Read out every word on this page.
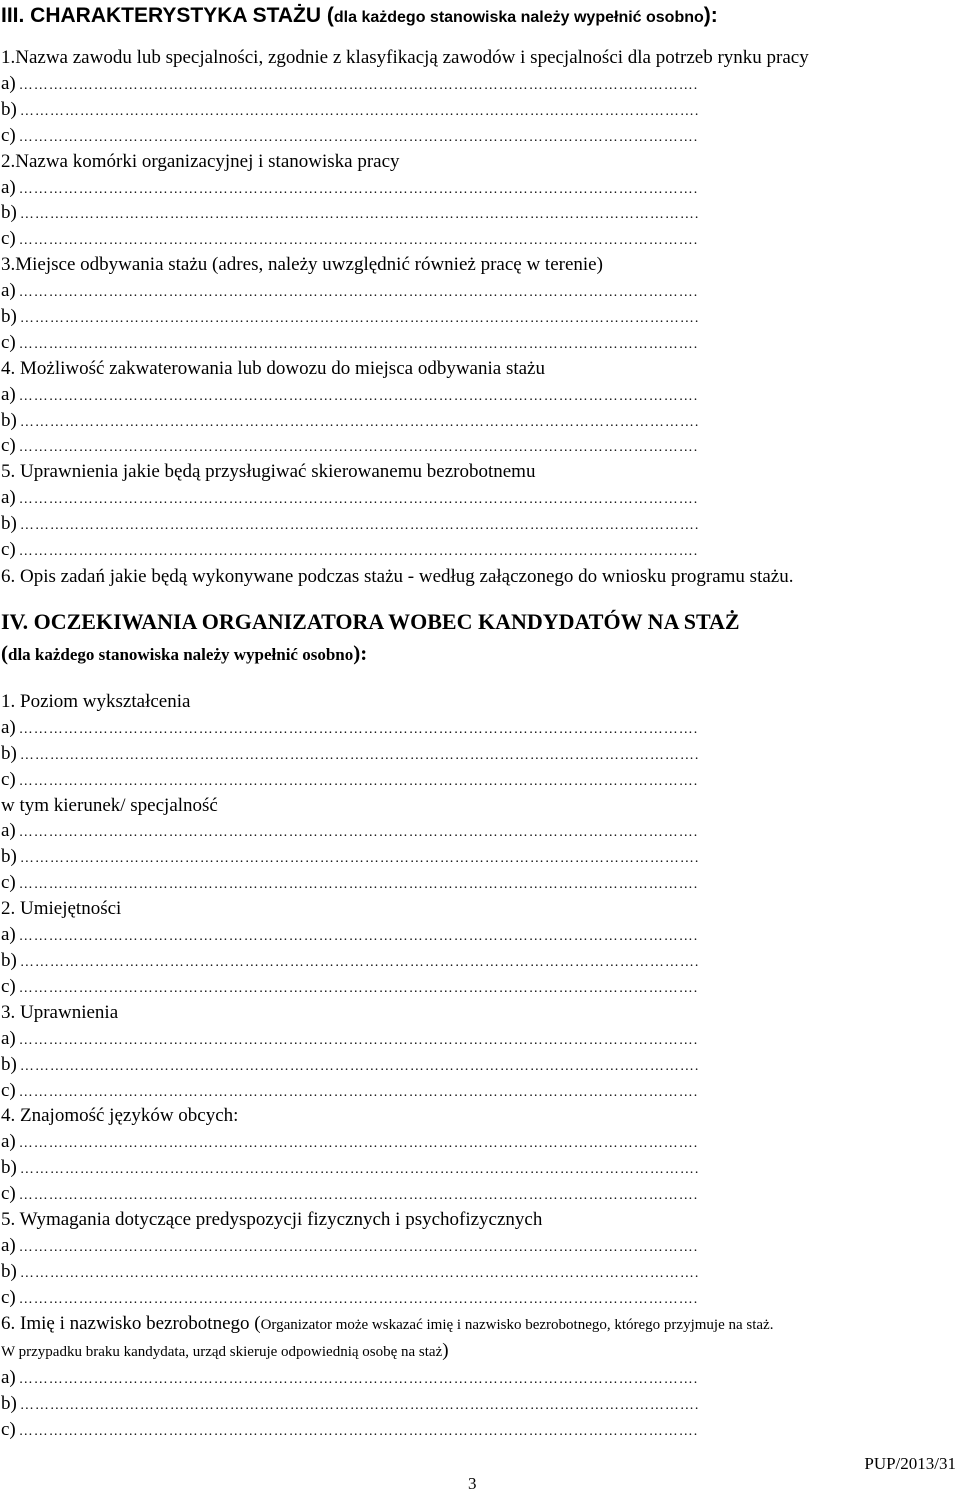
III. CHARAKTERYSTYKA STAŻU (dla każdego stanowiska należy wypełnić osobno):
1.Nazwa zawodu lub specjalności, zgodnie z klasyfikacją zawodów i specjalności dla potrzeb rynku pracy
a) ……………………………………………………………………………………………………………………….
b) ……………………………………………………………………………………………………………………….
c) ……………………………………………………………………………………………………………………….
2.Nazwa komórki organizacyjnej i stanowiska pracy
a) ……………………………………………………………………………………………………………………….
b) ……………………………………………………………………………………………………………………….
c) ……………………………………………………………………………………………………………………….
3.Miejsce odbywania stażu (adres, należy uwzględnić również pracę w terenie)
a) ……………………………………………………………………………………………………………………….
b) ……………………………………………………………………………………………………………………….
c) ……………………………………………………………………………………………………………………….
4. Możliwość zakwaterowania lub dowozu do miejsca odbywania stażu
a) ……………………………………………………………………………………………………………………….
b) ……………………………………………………………………………………………………………………….
c) ……………………………………………………………………………………………………………………….
5. Uprawnienia jakie będą przysługiwać skierowanemu bezrobotnemu
a) ……………………………………………………………………………………………………………………….
b) ……………………………………………………………………………………………………………………….
c) ……………………………………………………………………………………………………………………….
6. Opis zadań jakie będą wykonywane podczas stażu - według załączonego do wniosku programu stażu.
IV. OCZEKIWANIA ORGANIZATORA WOBEC KANDYDATÓW NA STAŻ
(dla każdego stanowiska należy wypełnić osobno):
1. Poziom wykształcenia
a) ……………………………………………………………………………………………………………………….
b) ……………………………………………………………………………………………………………………….
c) ……………………………………………………………………………………………………………………….
w tym kierunek/ specjalność
a) ……………………………………………………………………………………………………………………….
b) ……………………………………………………………………………………………………………………….
c) ……………………………………………………………………………………………………………………….
2. Umiejętności
a) ……………………………………………………………………………………………………………………….
b) ……………………………………………………………………………………………………………………….
c) ……………………………………………………………………………………………………………………….
3. Uprawnienia
a) ……………………………………………………………………………………………………………………….
b) ……………………………………………………………………………………………………………………….
c) ……………………………………………………………………………………………………………………….
4. Znajomość języków obcych:
a) ……………………………………………………………………………………………………………………….
b) ……………………………………………………………………………………………………………………….
c) ……………………………………………………………………………………………………………………….
5. Wymagania dotyczące predyspozycji fizycznych i psychofizycznych
a) ……………………………………………………………………………………………………………………….
b) ……………………………………………………………………………………………………………………….
c) ……………………………………………………………………………………………………………………….
6. Imię i nazwisko bezrobotnego (Organizator może wskazać imię i nazwisko bezrobotnego, którego przyjmuje na staż.
W przypadku braku kandydata, urząd skieruje odpowiednią osobę na staż)
a) ……………………………………………………………………………………………………………………….
b) ……………………………………………………………………………………………………………………….
c) ……………………………………………………………………………………………………………………….
PUP/2013/31
3
